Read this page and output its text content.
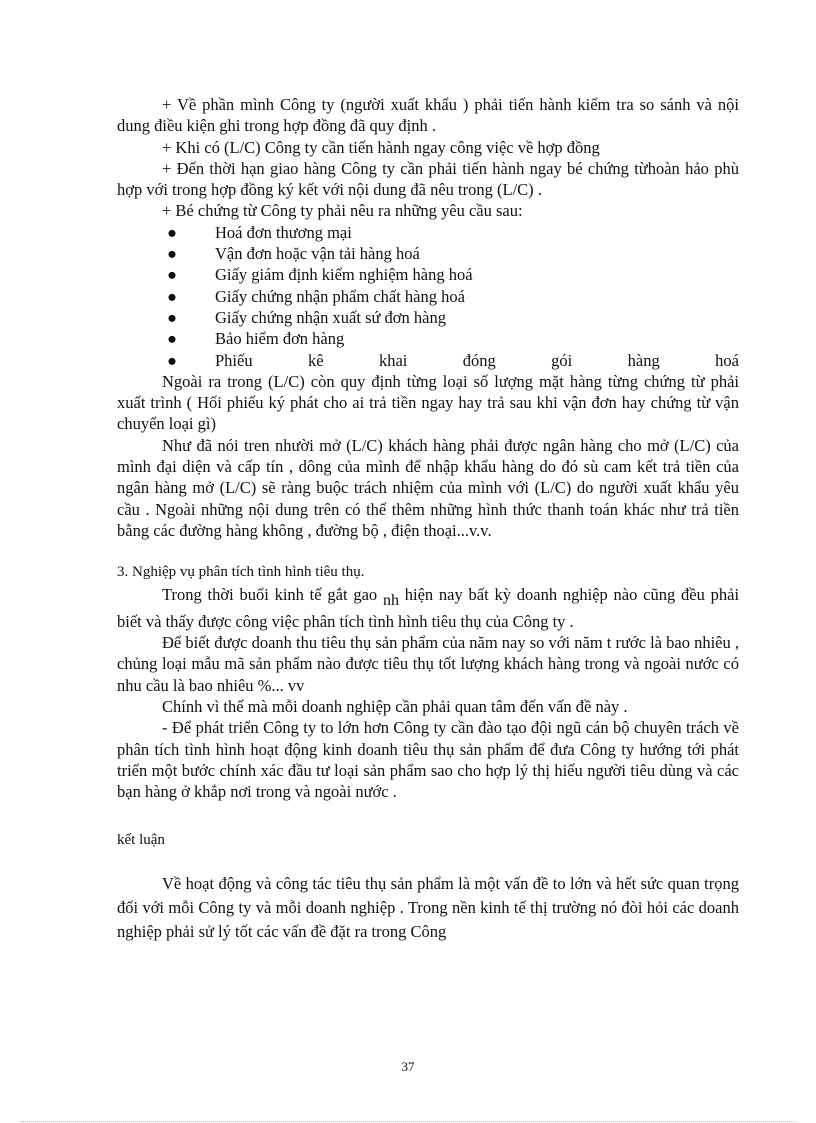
+ Về phần mình Công ty (người xuất khẩu ) phải tiến hành kiểm tra so sánh và nội dung điều kiện ghi trong hợp đồng đã quy định .

+ Khi có (L/C) Công ty cần tiến hành ngay công việc về hợp đồng

+ Đến thời hạn giao hàng Công ty cần phải tiến hành ngay bé chứng từhoàn hảo phù hợp với trong hợp đồng ký kết với nội dung đã nêu trong (L/C) .

+ Bé chứng từ Công ty phải nêu ra những yêu cầu sau:

● Hoá đơn thương mại
● Vận đơn hoặc vận tải hàng hoá
● Giấy giám định kiểm nghiệm hàng hoá
● Giấy chứng nhận phẩm chất hàng hoá
● Giấy chứng nhận xuất sứ đơn hàng
● Bảo hiểm đơn hàng
● Phiếu	kê	khai	đóng	gói	hàng	hoá

Ngoài ra trong (L/C) còn quy định từng loại số lượng mặt hàng từng chứng từ phải xuất trình ( Hối phiếu ký phát cho ai trả tiền ngay hay trả sau khi vận đơn hay chứng từ vận chuyển loại gì)

Như đã nói tren nhười mở (L/C) khách hàng phải được ngân hàng cho mở (L/C) của mình đại diện và cấp tín , dông của mình để nhập khẩu hàng do đó sù cam kết trả tiền của ngân hàng mở (L/C) sẽ ràng buộc trách nhiệm của mình với (L/C) do người xuất khẩu yêu cầu . Ngoài những nội dung trên có thể thêm những hình thức thanh toán khác như trả tiền bằng các đường hàng không , đường bộ , điện thoại...v.v.

3. Nghiệp vụ phân tích tình hình tiêu thụ.

Trong thời buổi kinh tế gắt gao $_{nh}$ hiện nay bất kỳ doanh nghiệp nào cũng đều phải biết và thấy được công việc phân tích tình hình tiêu thụ của Công ty .

Để biết được doanh thu tiêu thụ sản phẩm của năm nay so với năm t rước là bao nhiêu , chủng loại mẫu mã sản phẩm nào được tiêu thụ tốt lượng khách hàng trong và ngoài nước có nhu cầu là bao nhiêu %... vv

Chính vì thế mà mỗi doanh nghiệp cần phải quan tâm đến vấn đề này .

- Để phát triển Công ty to lớn hơn Công ty cần đào tạo đội ngũ cán bộ chuyên trách về phân tích tình hình hoạt động kinh doanh tiêu thụ sản phẩm để đưa Công ty hướng tới phát triển một bước chính xác đầu tư loại sản phẩm sao cho hợp lý thị hiếu người tiêu dùng và các bạn hàng ở khắp nơi trong và ngoài nước .

kết luận

Về hoạt động và công tác tiêu thụ sản phẩm là một vấn đề to lớn và hết sức quan trọng đối với mỗi Công ty và mỗi doanh nghiệp . Trong nền kinh tế thị trường nó đòi hỏi các doanh nghiệp phải sử lý tốt các vấn đề đặt ra trong Công

37
